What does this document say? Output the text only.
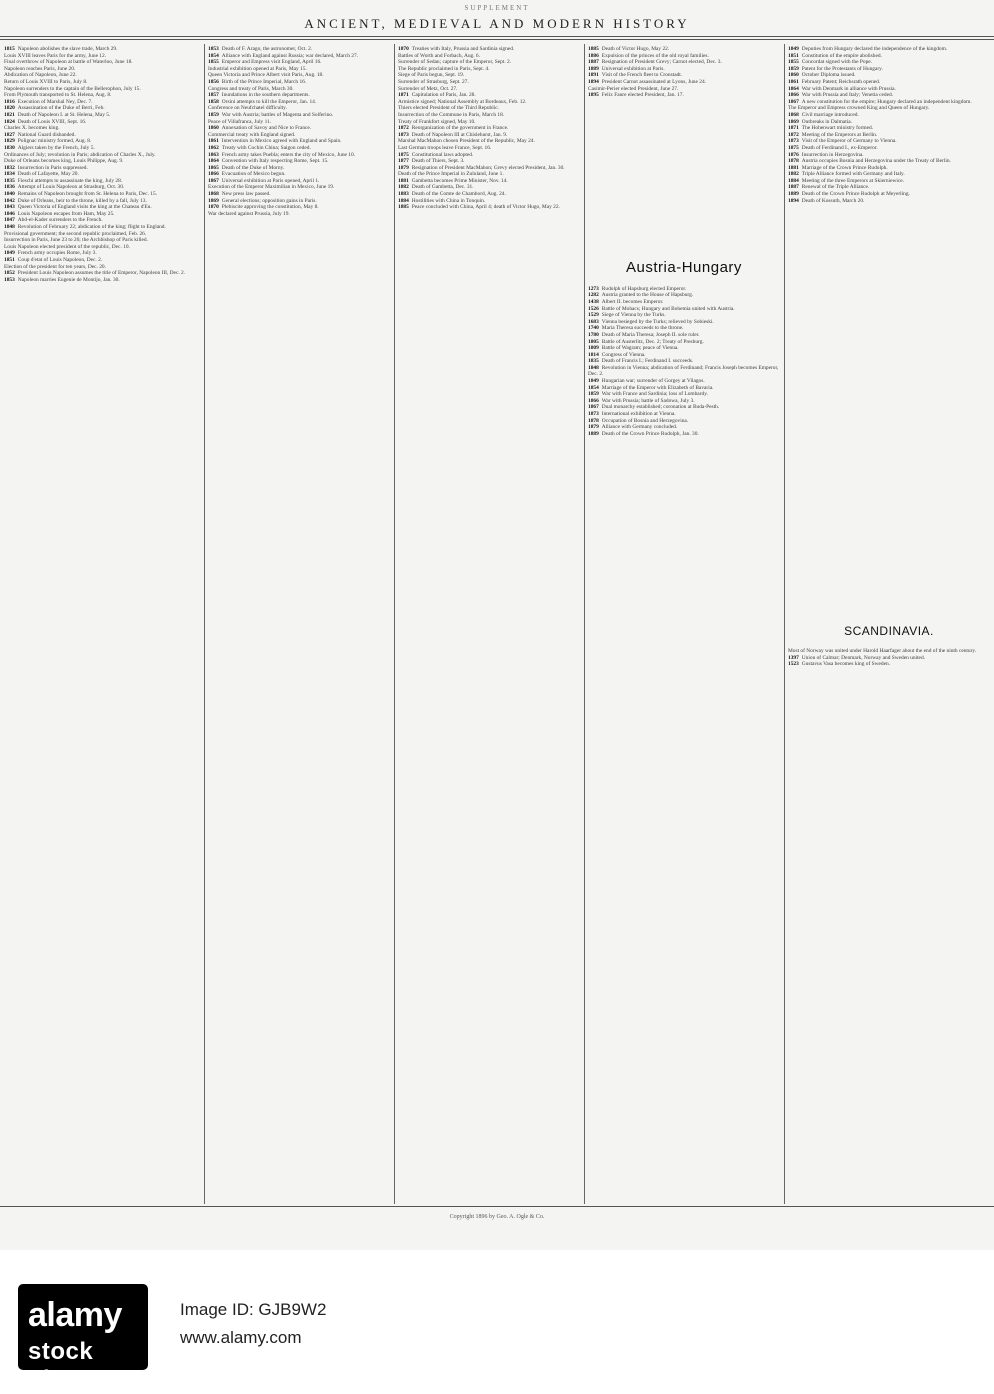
SUPPLEMENT
ANCIENT, MEDIEVAL AND MODERN HISTORY
1815 Napoleon abolishes the slave trade, March 29.
Louis XVIII leaves Paris for the army, June 12.
Final overthrow of Napoleon at battle of Waterloo, June 18.
Napoleon reaches Paris, June 20.
Abdication of Napoleon, June 22.
Return of Louis XVIII to Paris, July 8.
Napoleon surrenders to the captain of the Bellerophon, July 15.
From Plymouth transported to St. Helena, Aug. 8.
1816 Execution of Marshal Ney, Dec. 7.
1820 Assassination of the Duke of Berri, Feb.
1821 Death of Napoleon I. at St. Helena, May 5.
1824 Death of Louis XVIII, Sept. 16.
Charles X. becomes king.
1827 National Guard disbanded.
1829 Polignac ministry formed, Aug. 8.
1830 Algiers taken by the French, July 5.
Ordinances of July; revolution in Paris; abdication of Charles X., July.
Duke of Orleans becomes king, Louis Philippe, Aug. 9.
1832 Insurrection in Paris suppressed.
1834 Death of Lafayette, May 20.
1835 Fieschi attempts to assassinate the king, July 28.
1836 Attempt of Louis Napoleon at Strasburg, Oct. 30.
1840 Remains of Napoleon brought from St. Helena to Paris, Dec. 15.
1842 Duke of Orleans, heir to the throne, killed by a fall, July 13.
1843 Queen Victoria of England visits the king at the Chateau d'Eu.
1846 Louis Napoleon escapes from Ham, May 25.
1847 Abd-el-Kader surrenders to the French.
1848 Revolution of February 22; abdication of the king; flight to England.
Provisional government; the second republic proclaimed, Feb. 26.
Insurrection in Paris, June 23 to 26; the Archbishop of Paris killed.
Louis Napoleon elected president of the republic, Dec. 10.
1849 French army occupies Rome, July 3.
1851 Coup d'etat of Louis Napoleon, Dec. 2.
Election of the president for ten years, Dec. 20.
1852 President Louis Napoleon assumes the title of Emperor, Napoleon III, Dec. 2.
1853 Napoleon marries Eugenie de Montijo, Jan. 30.
1853 Death of F. Arago, the astronomer, Oct. 2.
1854 Alliance with England against Russia; war declared, March 27.
1855 Emperor and Empress visit England, April 16.
Industrial exhibition opened at Paris, May 15.
Queen Victoria and Prince Albert visit Paris, Aug. 18.
1856 Birth of the Prince Imperial, March 16.
Congress and treaty of Paris, March 30.
1857 Inundations in the southern departments.
1858 Orsini attempts to kill the Emperor, Jan. 14.
Conference on Neufchatel difficulty.
1859 War with Austria; battles of Magenta and Solferino.
Peace of Villafranca, July 11.
1860 Annexation of Savoy and Nice to France.
Commercial treaty with England signed.
1861 Intervention in Mexico agreed with England and Spain.
1862 Treaty with Cochin China; Saigon ceded.
1863 French army takes Puebla; enters the city of Mexico, June 10.
1864 Convention with Italy respecting Rome, Sept. 15.
1865 Death of the Duke of Morny.
1866 Evacuation of Mexico begun.
1867 Universal exhibition at Paris opened, April 1.
Execution of the Emperor Maximilian in Mexico, June 19.
1868 New press law passed.
1869 General elections; opposition gains in Paris.
1870 Plebiscite approving the constitution, May 8.
War declared against Prussia, July 19.
1870 Treaties with Italy, Prussia and Sardinia signed.
Battles of Worth and Forbach, Aug. 6.
Surrender of Sedan; capture of the Emperor, Sept. 2.
The Republic proclaimed in Paris, Sept. 4.
Siege of Paris begun, Sept. 19.
Surrender of Strasburg, Sept. 27.
Surrender of Metz, Oct. 27.
1871 Capitulation of Paris, Jan. 28.
Armistice signed; National Assembly at Bordeaux, Feb. 12.
Thiers elected President of the Third Republic.
Insurrection of the Commune in Paris, March 18.
Treaty of Frankfort signed, May 10.
1872 Reorganization of the government in France.
1873 Death of Napoleon III at Chislehurst, Jan. 9.
Marshal MacMahon chosen President of the Republic, May 24.
Last German troops leave France, Sept. 16.
1875 Constitutional laws adopted.
1877 Death of Thiers, Sept. 3.
1879 Resignation of President MacMahon; Grevy elected President, Jan. 30.
Death of the Prince Imperial in Zululand, June 1.
1881 Gambetta becomes Prime Minister, Nov. 14.
1882 Death of Gambetta, Dec. 31.
1883 Death of the Comte de Chambord, Aug. 24.
1884 Hostilities with China in Tonquin.
1885 Peace concluded with China, April 4; death of Victor Hugo, May 22.
1885 Death of Victor Hugo, May 22.
1886 Expulsion of the princes of the old royal families.
1887 Resignation of President Grevy; Carnot elected, Dec. 3.
1889 Universal exhibition at Paris.
1891 Visit of the French fleet to Cronstadt.
1894 President Carnot assassinated at Lyons, June 24.
Casimir-Perier elected President, June 27.
1895 Felix Faure elected President, Jan. 17.
Austria-Hungary
1273 Rudolph of Hapsburg elected Emperor.
1282 Austria granted to the House of Hapsburg.
1438 Albert II. becomes Emperor.
1526 Battle of Mohacs; Hungary and Bohemia united with Austria.
1529 Siege of Vienna by the Turks.
1683 Vienna besieged by the Turks; relieved by Sobieski.
1740 Maria Theresa succeeds to the throne.
1780 Death of Maria Theresa; Joseph II. sole ruler.
1805 Battle of Austerlitz, Dec. 2; Treaty of Presburg.
1809 Battle of Wagram; peace of Vienna.
1814 Congress of Vienna.
1835 Death of Francis I.; Ferdinand I. succeeds.
1848 Revolution in Vienna; abdication of Ferdinand; Francis Joseph becomes Emperor, Dec. 2.
1849 Hungarian war; surrender of Gorgey at Vilagos.
1854 Marriage of the Emperor with Elizabeth of Bavaria.
1859 War with France and Sardinia; loss of Lombardy.
1866 War with Prussia; battle of Sadowa, July 3.
1867 Dual monarchy established; coronation at Buda-Pesth.
1873 International exhibition at Vienna.
1878 Occupation of Bosnia and Herzegovina.
1879 Alliance with Germany concluded.
1889 Death of the Crown Prince Rudolph, Jan. 30.
1849 Deputies from Hungary declared the independence of the kingdom.
1851 Constitution of the empire abolished.
1855 Concordat signed with the Pope.
1859 Patent for the Protestants of Hungary.
1860 October Diploma issued.
1861 February Patent; Reichsrath opened.
1864 War with Denmark in alliance with Prussia.
1866 War with Prussia and Italy; Venetia ceded.
1867 A new constitution for the empire; Hungary declared an independent kingdom.
The Emperor and Empress crowned King and Queen of Hungary.
1868 Civil marriage introduced.
1869 Outbreaks in Dalmatia.
1871 The Hohenwart ministry formed.
1872 Meeting of the Emperors at Berlin.
1873 Visit of the Emperor of Germany to Vienna.
1875 Death of Ferdinand I., ex-Emperor.
1876 Insurrection in Herzegovina.
1878 Austria occupies Bosnia and Herzegovina under the Treaty of Berlin.
1881 Marriage of the Crown Prince Rudolph.
1882 Triple Alliance formed with Germany and Italy.
1884 Meeting of the three Emperors at Skierniewice.
1887 Renewal of the Triple Alliance.
1889 Death of the Crown Prince Rudolph at Meyerling.
1894 Death of Kossuth, March 20.
SCANDINAVIA.
Most of Norway was united under Harold Haarfager about the end of the ninth century.
1397 Union of Calmar; Denmark, Norway and Sweden united.
1523 Gustavus Vasa becomes king of Sweden.
Copyright 1896 by Geo. A. Ogle & Co.
alamy
stock photo
Image ID: GJB9W2
www.alamy.com
